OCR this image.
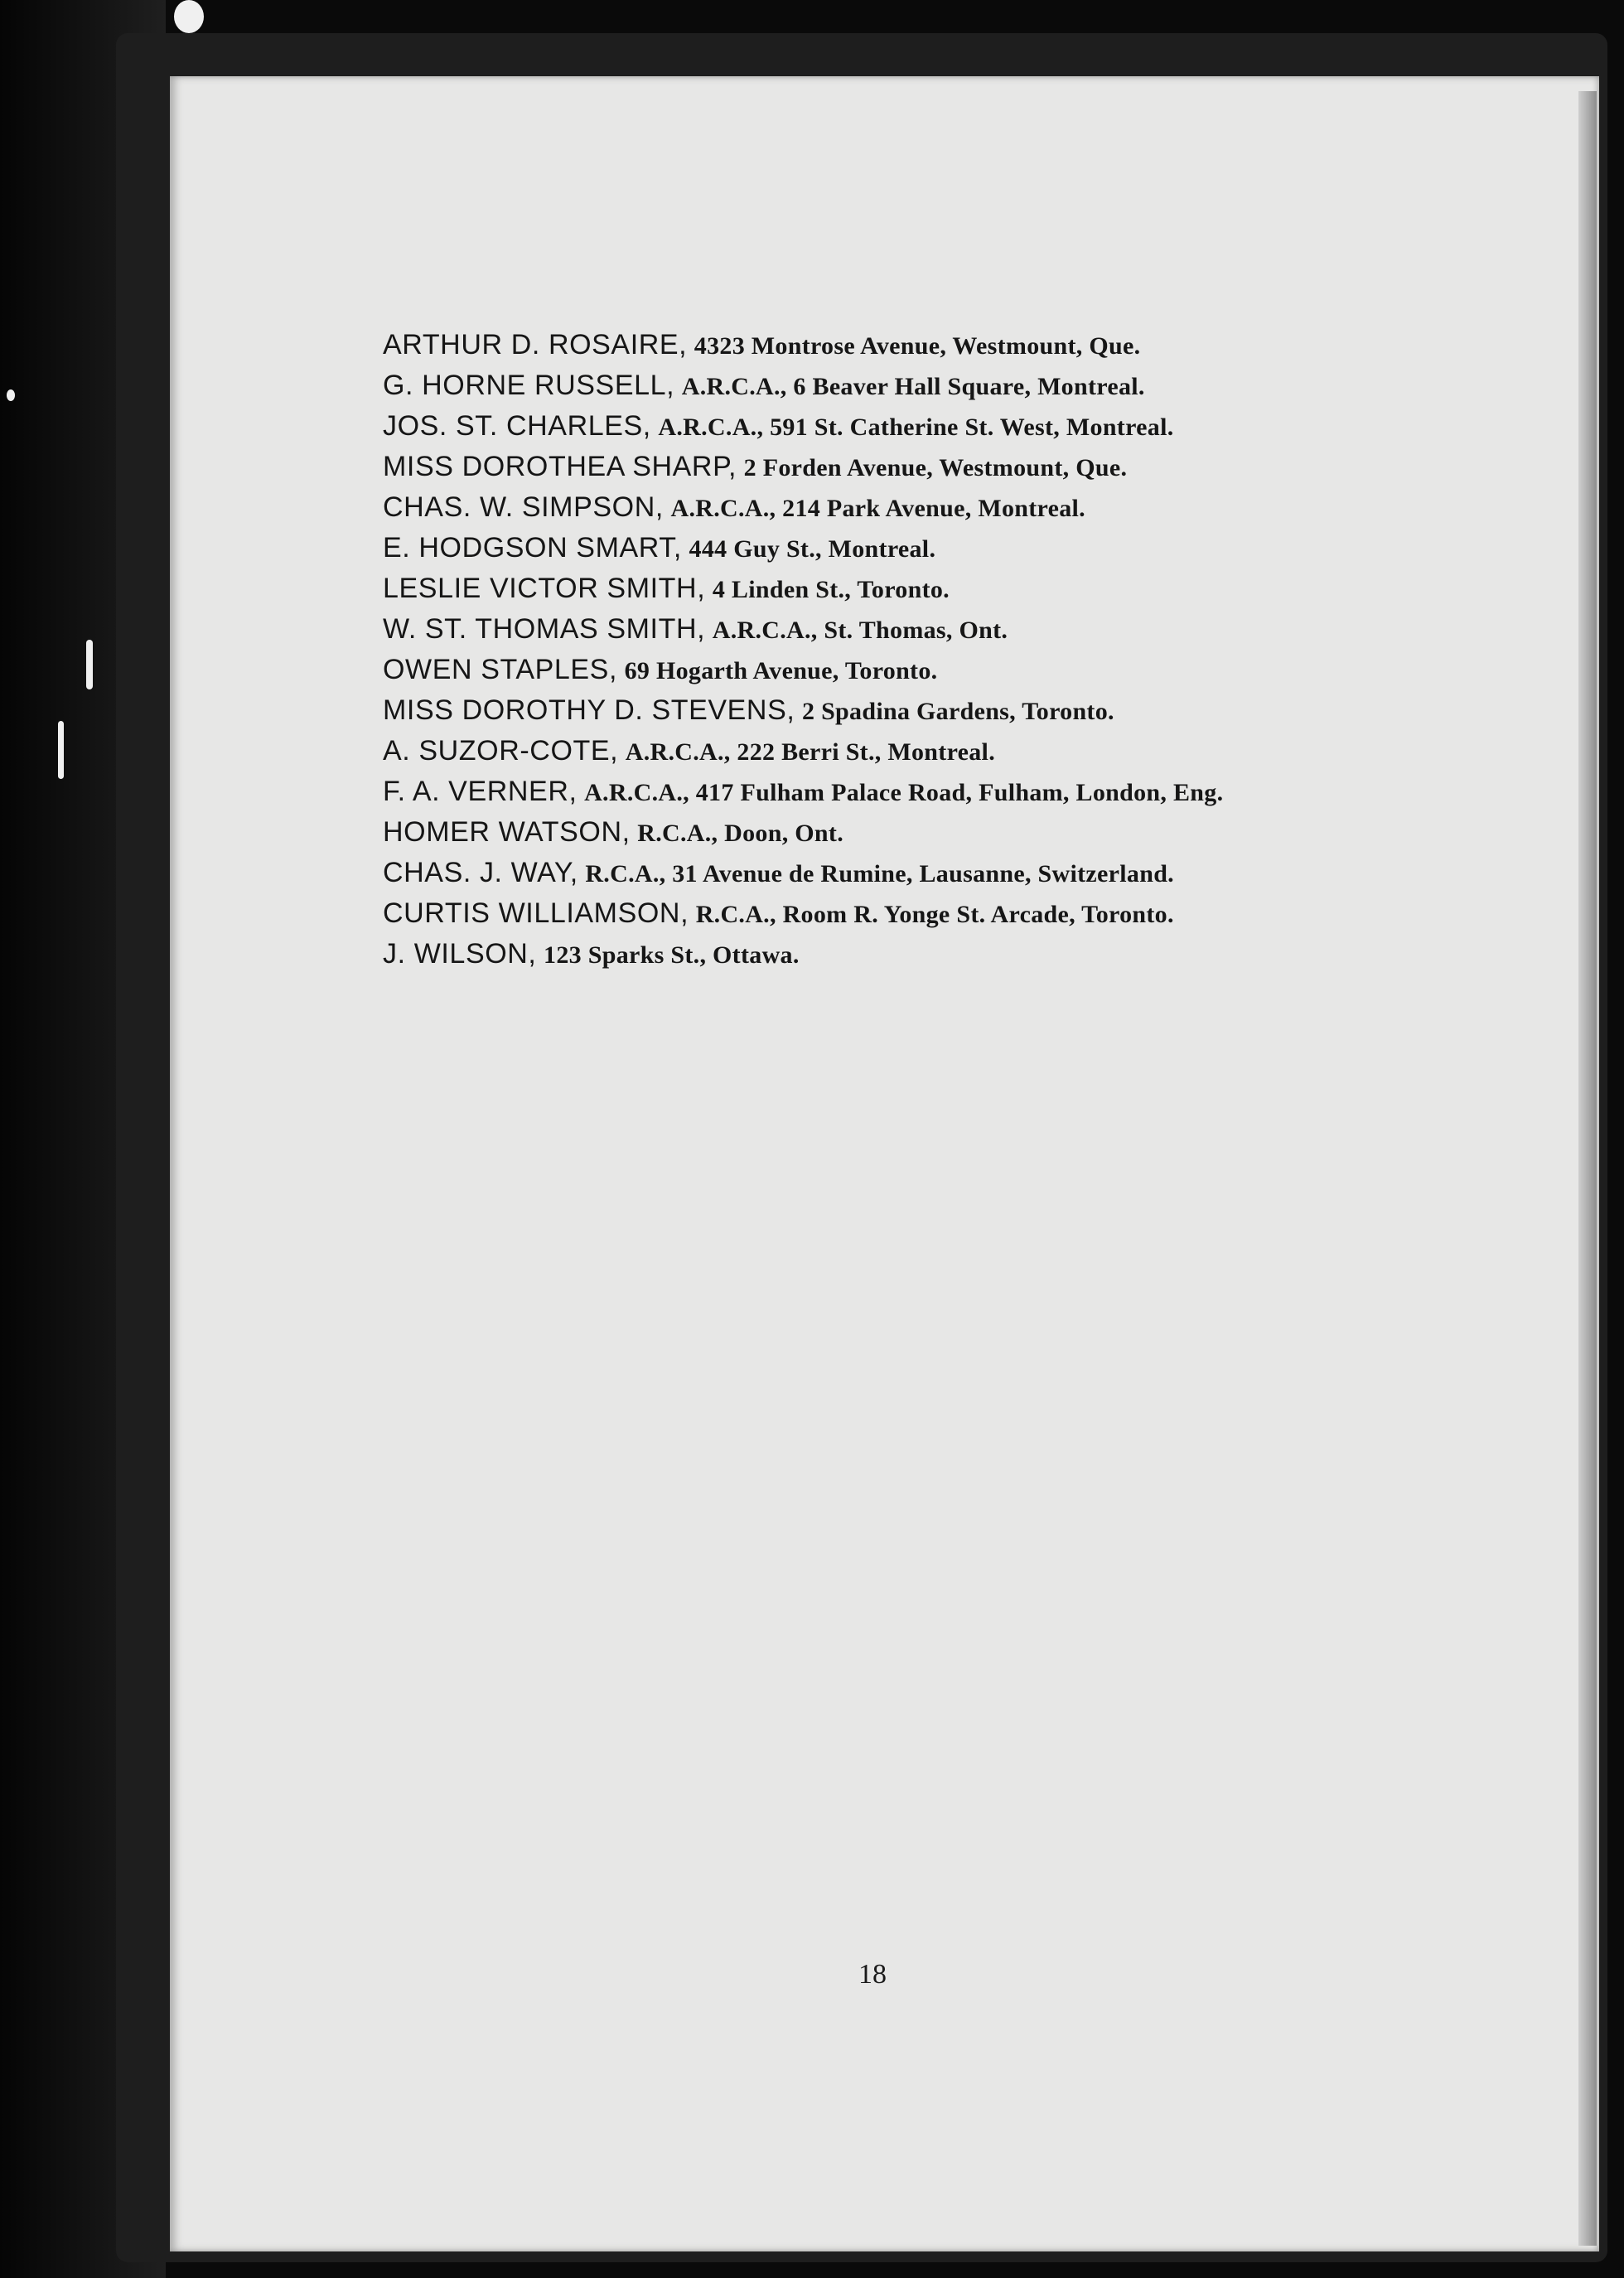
ARTHUR D. ROSAIRE, 4323 Montrose Avenue, Westmount, Que.
G. HORNE RUSSELL, A.R.C.A., 6 Beaver Hall Square, Montreal.
JOS. ST. CHARLES, A.R.C.A., 591 St. Catherine St. West, Montreal.
MISS DOROTHEA SHARP, 2 Forden Avenue, Westmount, Que.
CHAS. W. SIMPSON, A.R.C.A., 214 Park Avenue, Montreal.
E. HODGSON SMART, 444 Guy St., Montreal.
LESLIE VICTOR SMITH, 4 Linden St., Toronto.
W. ST. THOMAS SMITH, A.R.C.A., St. Thomas, Ont.
OWEN STAPLES, 69 Hogarth Avenue, Toronto.
MISS DOROTHY D. STEVENS, 2 Spadina Gardens, Toronto.
A. SUZOR-COTE, A.R.C.A., 222 Berri St., Montreal.
F. A. VERNER, A.R.C.A., 417 Fulham Palace Road, Fulham, London, Eng.
HOMER WATSON, R.C.A., Doon, Ont.
CHAS. J. WAY, R.C.A., 31 Avenue de Rumine, Lausanne, Switzerland.
CURTIS WILLIAMSON, R.C.A., Room R. Yonge St. Arcade, Toronto.
J. WILSON, 123 Sparks St., Ottawa.
18
